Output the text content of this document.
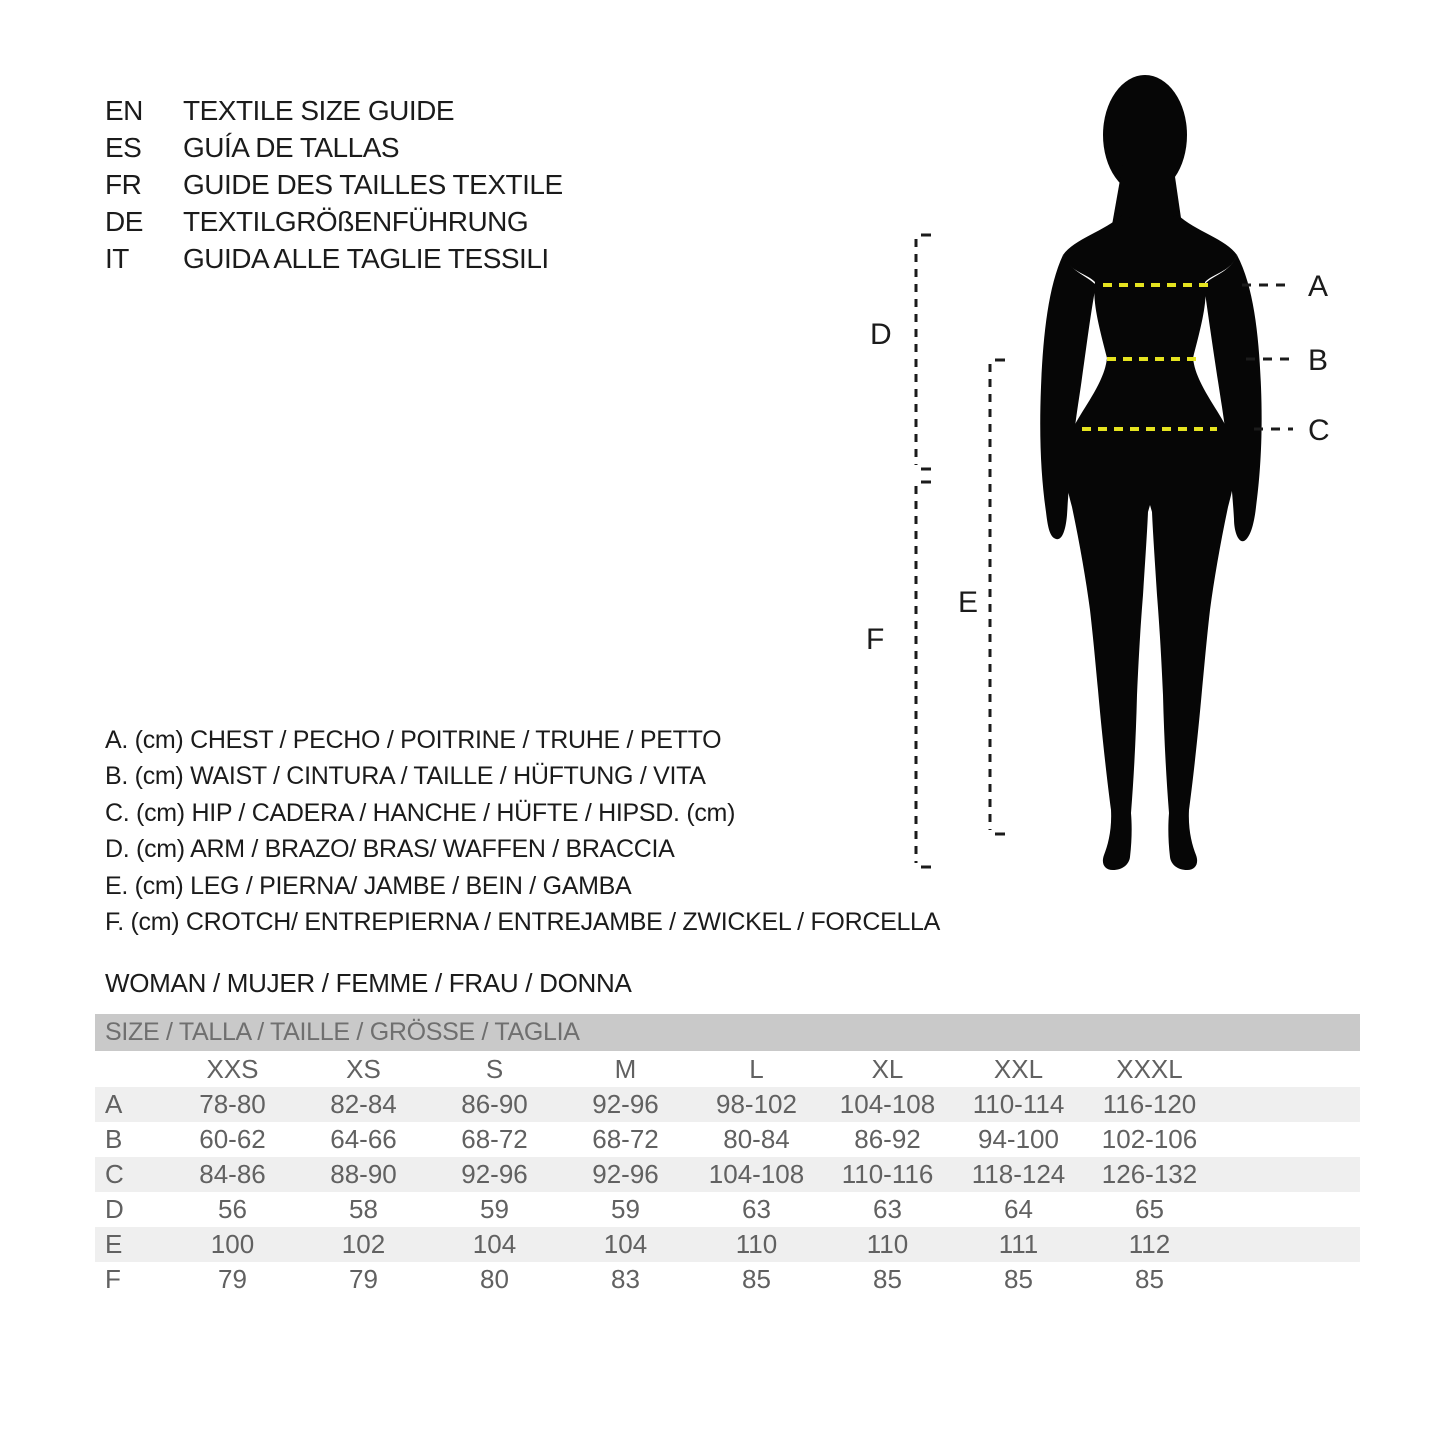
EN	TEXTILE SIZE GUIDE
ES	GUÍA DE TALLAS
FR	GUIDE DES TAILLES TEXTILE
DE	TEXTILGRÖßENFÜHRUNG
IT	GUIDA ALLE TAGLIE TESSILI
A
B
C
D
E
F
A. (cm) CHEST / PECHO / POITRINE / TRUHE / PETTO
B. (cm) WAIST / CINTURA / TAILLE / HÜFTUNG / VITA
C. (cm) HIP / CADERA / HANCHE / HÜFTE / HIPSD. (cm)
D. (cm) ARM / BRAZO/ BRAS/ WAFFEN / BRACCIA
E. (cm) LEG / PIERNA/ JAMBE / BEIN / GAMBA
F. (cm) CROTCH/ ENTREPIERNA / ENTREJAMBE / ZWICKEL / FORCELLA
WOMAN / MUJER / FEMME / FRAU / DONNA
SIZE / TALLA / TAILLE / GRÖSSE / TAGLIA
XXS	XS	S	M	L	XL	XXL	XXXL
A	78-80	82-84	86-90	92-96	98-102	104-108	110-114	116-120
B	60-62	64-66	68-72	68-72	80-84	86-92	94-100	102-106
C	84-86	88-90	92-96	92-96	104-108	110-116	118-124	126-132
D	56	58	59	59	63	63	64	65
E	100	102	104	104	110	110	111	112
F	79	79	80	83	85	85	85	85
